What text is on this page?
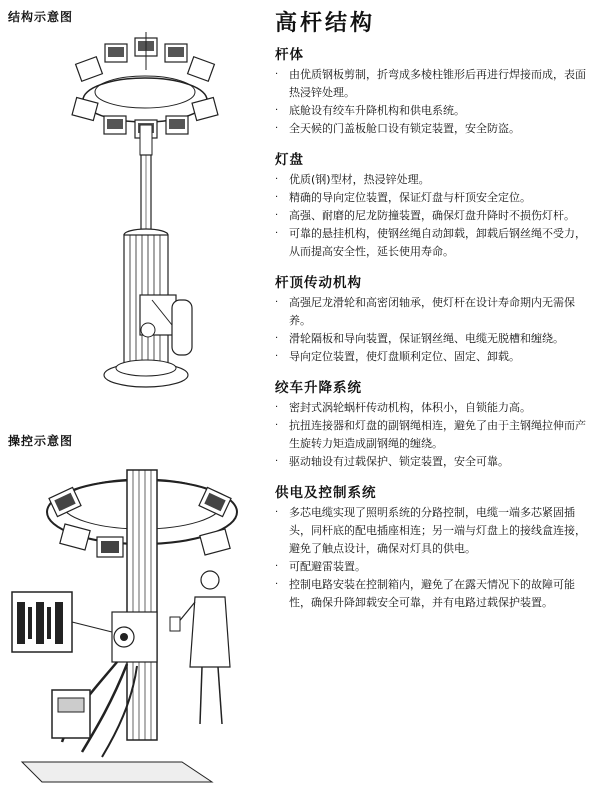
结构示意图
操控示意图
高杆结构
杆体
· 由优质钢板剪制，折弯成多棱柱锥形后再进行焊接而成，表面热浸锌处理。
· 底舱设有绞车升降机构和供电系统。
· 全天候的门盖板舱口设有锁定装置，安全防盗。
灯盘
· 优质(钢)型材，热浸锌处理。
· 精确的导向定位装置，保证灯盘与杆顶安全定位。
· 高强、耐磨的尼龙防撞装置，确保灯盘升降时不损伤灯杆。
· 可靠的悬挂机构，使钢丝绳自动卸载，卸载后钢丝绳不受力，从而提高安全性，延长使用寿命。
杆顶传动机构
· 高强尼龙滑轮和高密闭轴承，使灯杆在设计寿命期内无需保养。
· 滑轮隔板和导向装置，保证钢丝绳、电缆无脱槽和缠绕。
· 导向定位装置，使灯盘顺利定位、固定、卸载。
绞车升降系统
· 密封式涡轮蜗杆传动机构，体积小，自锁能力高。
· 抗扭连接器和灯盘的副钢绳相连，避免了由于主钢绳拉伸而产生旋转力矩造成副钢绳的缠绕。
· 驱动轴设有过载保护、锁定装置，安全可靠。
供电及控制系统
· 多芯电缆实现了照明系统的分路控制，电缆一端多芯紧固插头，同杆底的配电插座相连；另一端与灯盘上的接线盒连接，避免了触点设计，确保对灯具的供电。
· 可配避雷装置。
· 控制电路安装在控制箱内，避免了在露天情况下的故障可能性，确保升降卸载安全可靠，并有电路过载保护装置。
